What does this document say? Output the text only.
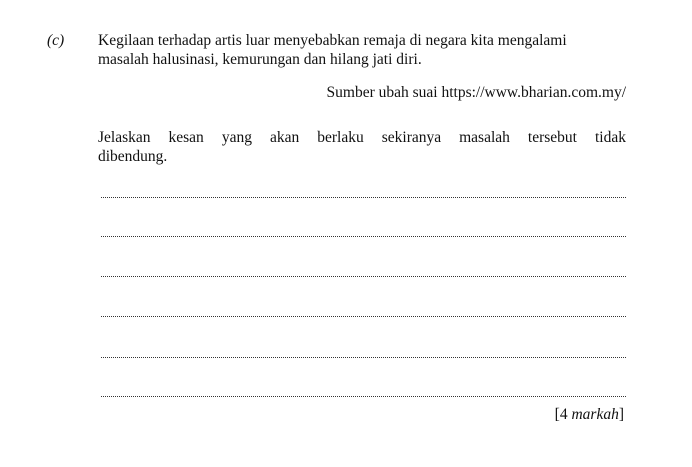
(c) Kegilaan terhadap artis luar menyebabkan remaja di negara kita mengalami
masalah halusinasi, kemurungan dan hilang jati diri.
Sumber ubah suai https://www.bharian.com.my/
Jelaskan kesan yang akan berlaku sekiranya masalah tersebut tidak
dibendung.
[4 markah]
